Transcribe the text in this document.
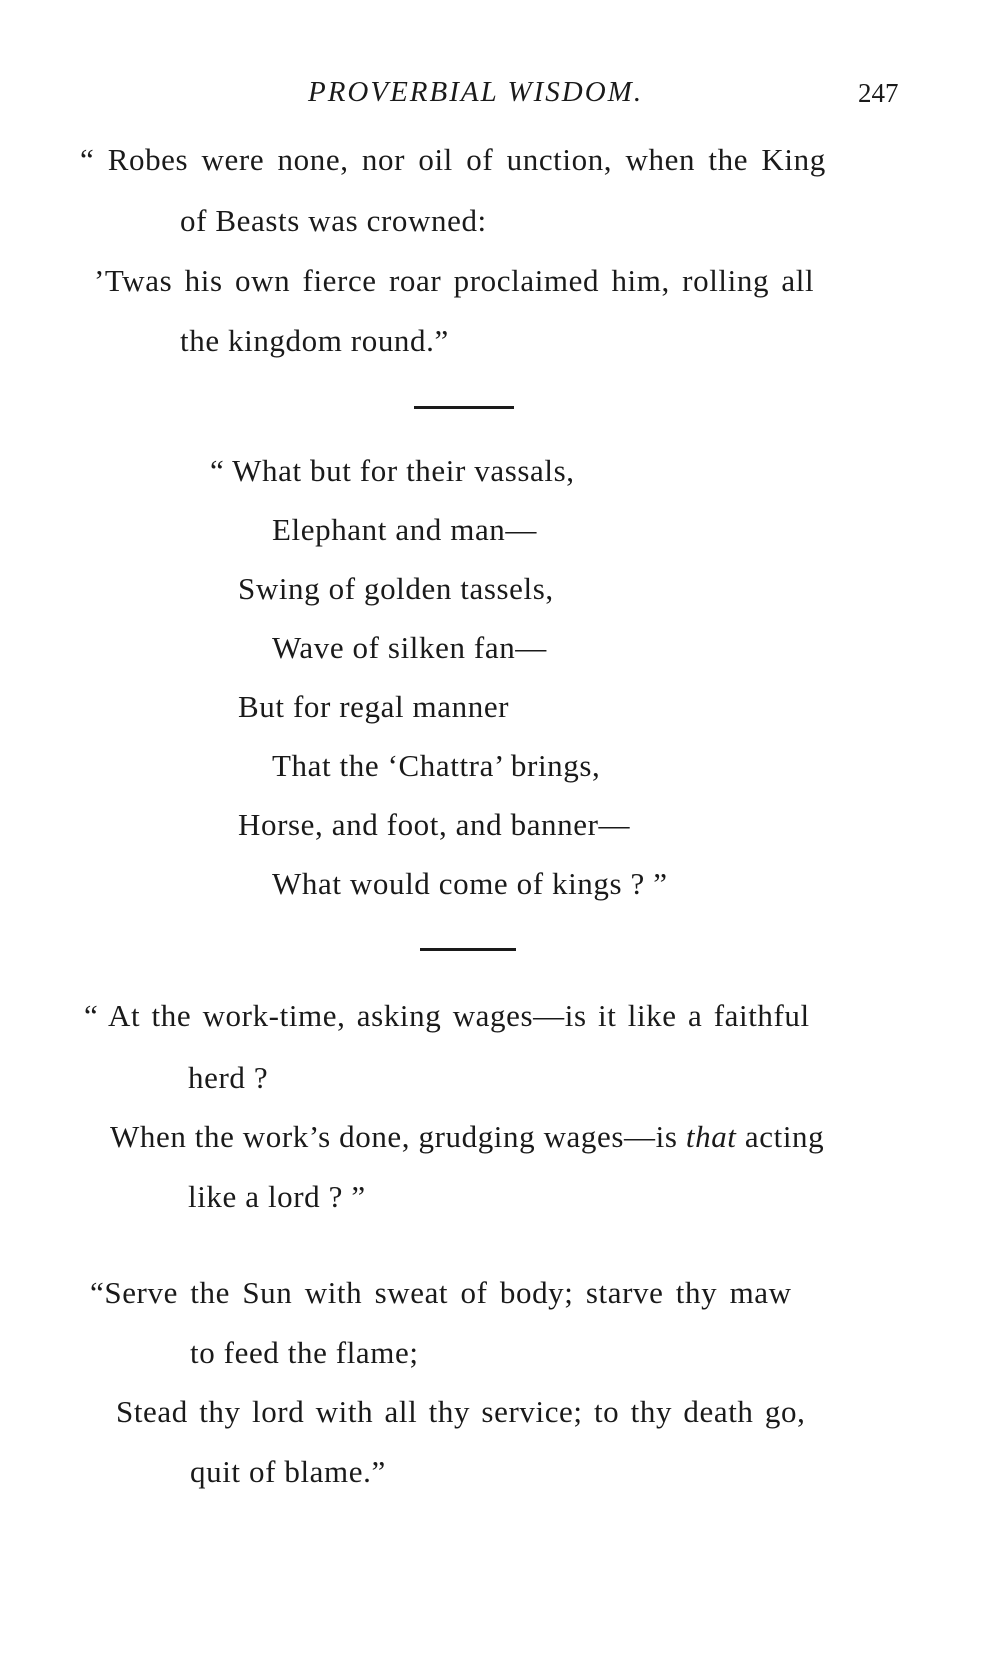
PROVERBIAL WISDOM.	247
“ Robes were none, nor oil of unction, when the King
of Beasts was crowned:
’Twas his own fierce roar proclaimed him, rolling all
the kingdom round.”
“ What but for their vassals,
Elephant and man—
Swing of golden tassels,
Wave of silken fan—
But for regal manner
That the ‘Chattra’ brings,
Horse, and foot, and banner—
What would come of kings ? ”
“ At the work-time, asking wages—is it like a faithful
herd ?
When the work’s done, grudging wages—is that acting
like a lord ? ”
“Serve the Sun with sweat of body; starve thy maw
to feed the flame;
Stead thy lord with all thy service; to thy death go,
quit of blame.”
